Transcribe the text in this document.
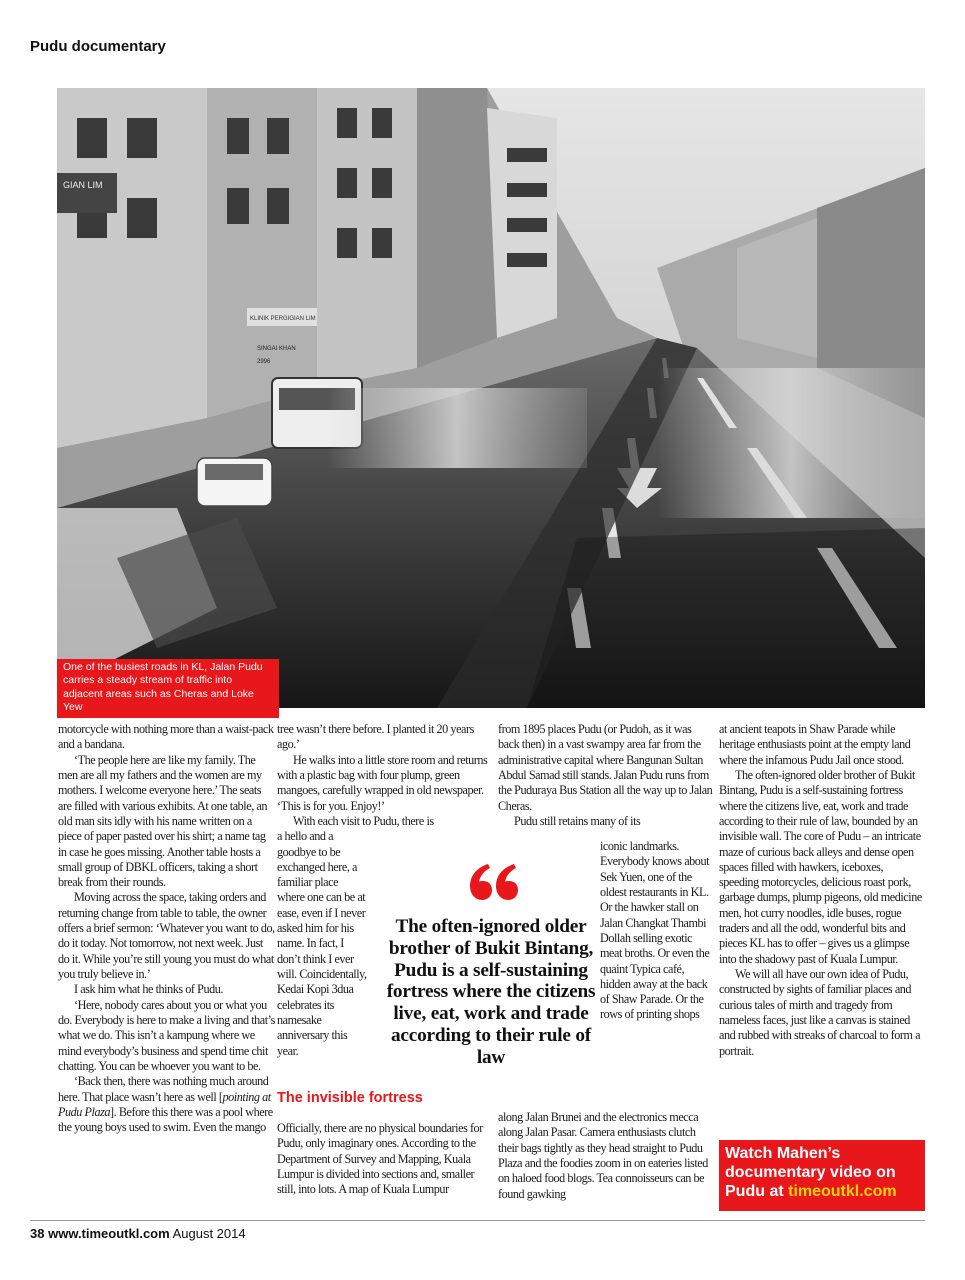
Pudu documentary
GIAN LIM
KLINIK PERGIGIAN LIM
SINGAI KHAN
2996
One of the busiest roads in KL, Jalan Pudu carries a steady stream of traffic into adjacent areas such as Cheras and Loke Yew

motorcycle with nothing more than a waist-pack and a bandana.

‘The people here are like my family. The men are all my fathers and the women are my mothers. I welcome everyone here.’ The seats are filled with various exhibits. At one table, an old man sits idly with his name written on a piece of paper pasted over his shirt; a name tag in case he goes missing. Another table hosts a small group of DBKL officers, taking a short break from their rounds.

Moving across the space, taking orders and returning change from table to table, the owner offers a brief sermon: ‘Whatever you want to do, do it today. Not tomorrow, not next week. Just do it. While you’re still young you must do what you truly believe in.’

I ask him what he thinks of Pudu.

‘Here, nobody cares about you or what you do. Everybody is here to make a living and that’s what we do. This isn’t a kampung where we mind everybody’s business and spend time chit chatting. You can be whoever you want to be.

‘Back then, there was nothing much around here. That place wasn’t here as well [pointing at Pudu Plaza]. Before this there was a pool where the young boys used to swim. Even the mango

tree wasn’t there before. I planted it 20 years ago.’

He walks into a little store room and returns with a plastic bag with four plump, green mangoes, carefully wrapped in old newspaper. ‘This is for you. Enjoy!’

With each visit to Pudu, there is

a hello and a goodbye to be exchanged here, a familiar place where one can be at ease, even if I never asked him for his name. In fact, I don’t think I ever will. Coincidentally, Kedai Kopi 3dua celebrates its namesake anniversary this year.

The invisible fortress

Officially, there are no physical boundaries for Pudu, only imaginary ones. According to the Department of Survey and Mapping, Kuala Lumpur is divided into sections and, smaller still, into lots. A map of Kuala Lumpur

from 1895 places Pudu (or Pudoh, as it was back then) in a vast swampy area far from the administrative capital where Bangunan Sultan Abdul Samad still stands. Jalan Pudu runs from the Puduraya Bus Station all the way up to Jalan Cheras.

Pudu still retains many of its

iconic landmarks. Everybody knows about Sek Yuen, one of the oldest restaurants in KL. Or the hawker stall on Jalan Changkat Thambi Dollah selling exotic meat broths. Or even the quaint Typica café, hidden away at the back of Shaw Parade. Or the rows of printing shops

along Jalan Brunei and the electronics mecca along Jalan Pasar. Camera enthusiasts clutch their bags tightly as they head straight to Pudu Plaza and the foodies zoom in on eateries listed on haloed food blogs. Tea connoisseurs can be found gawking

The often-ignored older brother of Bukit Bintang, Pudu is a self-sustaining fortress where the citizens live, eat, work and trade according to their rule of law

at ancient teapots in Shaw Parade while heritage enthusiasts point at the empty land where the infamous Pudu Jail once stood.

The often-ignored older brother of Bukit Bintang, Pudu is a self-sustaining fortress where the citizens live, eat, work and trade according to their rule of law, bounded by an invisible wall. The core of Pudu – an intricate maze of curious back alleys and dense open spaces filled with hawkers, iceboxes, speeding motorcycles, delicious roast pork, garbage dumps, plump pigeons, old medicine men, hot curry noodles, idle buses, rogue traders and all the odd, wonderful bits and pieces KL has to offer – gives us a glimpse into the shadowy past of Kuala Lumpur.

We will all have our own idea of Pudu, constructed by sights of familiar places and curious tales of mirth and tragedy from nameless faces, just like a canvas is stained and rubbed with streaks of charcoal to form a portrait.

Watch Mahen’s documentary video on Pudu at timeoutkl.com
38 www.timeoutkl.com August 2014
